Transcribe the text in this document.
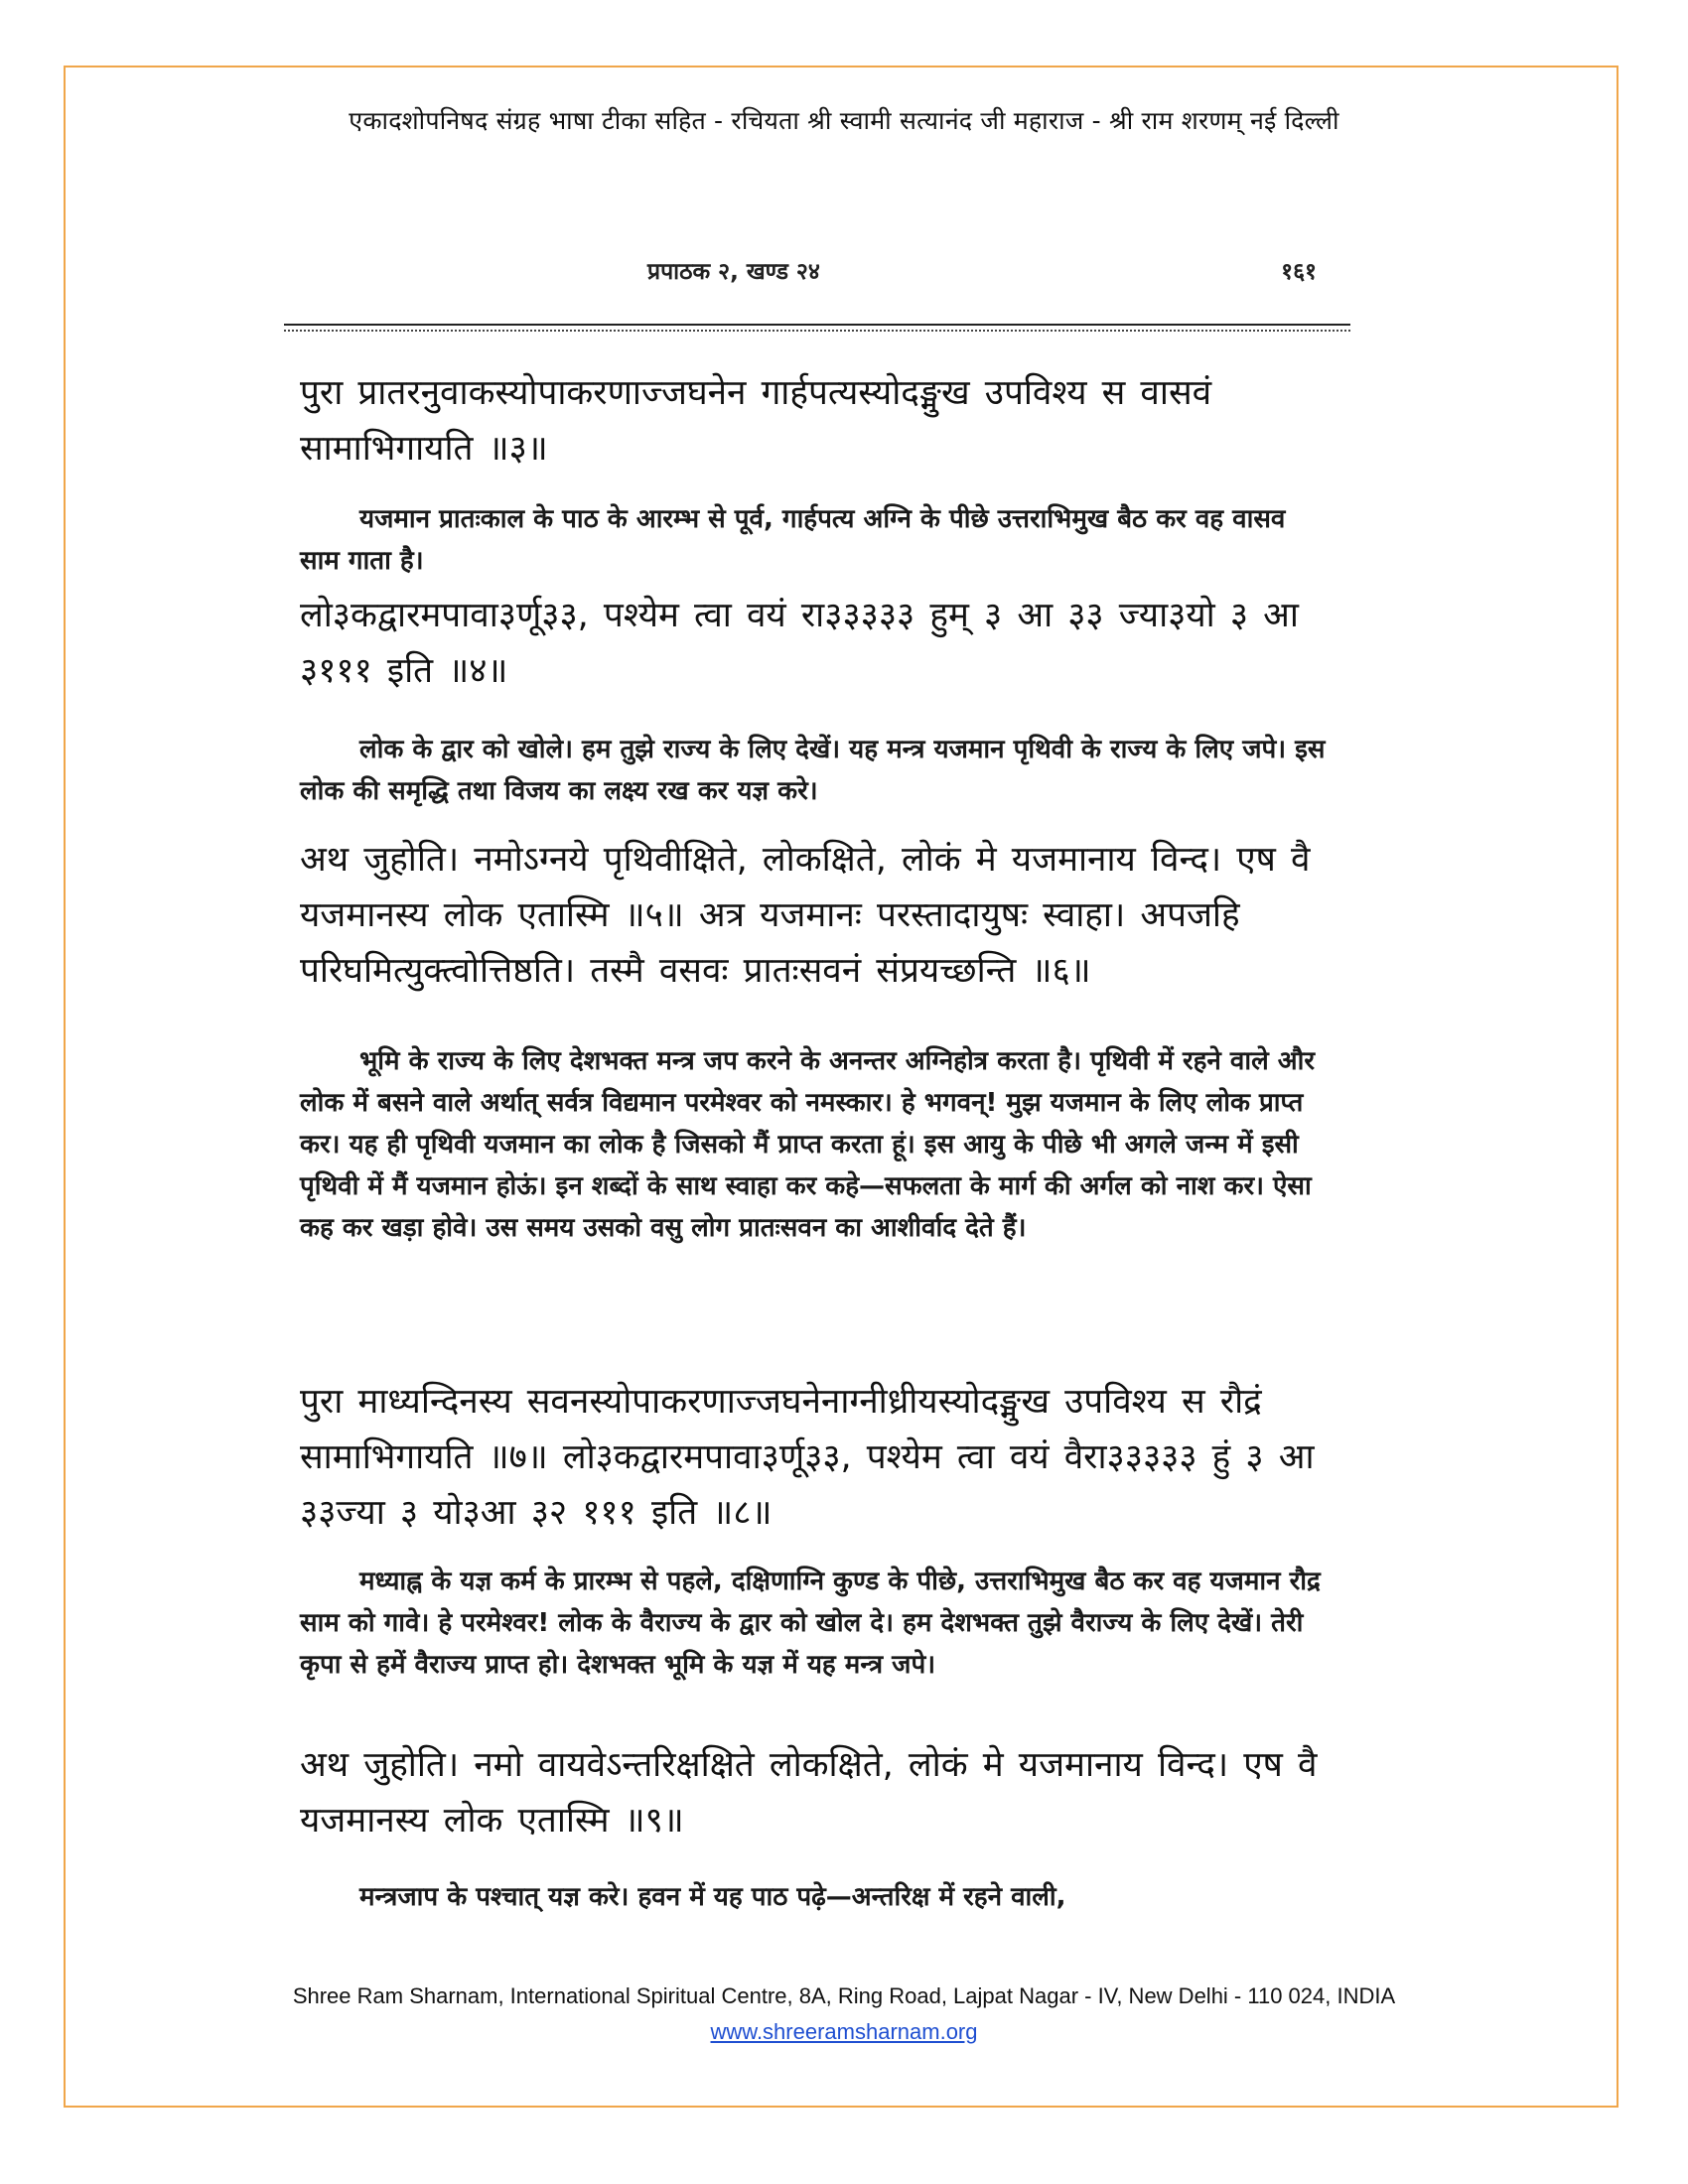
एकादशोपनिषद संग्रह भाषा टीका सहित - रचियता श्री स्वामी सत्यानंद जी महाराज - श्री राम शरणम् नई दिल्ली
प्रपाठक २, खण्ड २४	१६१
पुरा प्रातरनुवाकस्योपाकरणाज्जघनेन गार्हपत्यस्योदङ्मुख उपविश्य स वासवं सामाभिगायति ॥३॥
यजमान प्रातःकाल के पाठ के आरम्भ से पूर्व, गार्हपत्य अग्नि के पीछे उत्तराभिमुख बैठ कर वह वासव साम गाता है।
लो३कद्वारमपावा३र्णू३३, पश्येम त्वा वयं रा३३३३३ हुम् ३ आ ३३ ज्या३यो ३ आ ३१११ इति ॥४॥
लोक के द्वार को खोले। हम तुझे राज्य के लिए देखें। यह मन्त्र यजमान पृथिवी के राज्य के लिए जपे। इस लोक की समृद्धि तथा विजय का लक्ष्य रख कर यज्ञ करे।
अथ जुहोति। नमोऽग्नये पृथिवीक्षिते, लोकक्षिते, लोकं मे यजमानाय विन्द। एष वै यजमानस्य लोक एतास्मि ॥५॥ अत्र यजमानः परस्तादायुषः स्वाहा। अपजहि परिघमित्युक्त्वोत्तिष्ठति। तस्मै वसवः प्रातःसवनं संप्रयच्छन्ति ॥६॥
भूमि के राज्य के लिए देशभक्त मन्त्र जप करने के अनन्तर अग्निहोत्र करता है। पृथिवी में रहने वाले और लोक में बसने वाले अर्थात् सर्वत्र विद्यमान परमेश्वर को नमस्कार। हे भगवन्! मुझ यजमान के लिए लोक प्राप्त कर। यह ही पृथिवी यजमान का लोक है जिसको मैं प्राप्त करता हूं। इस आयु के पीछे भी अगले जन्म में इसी पृथिवी में मैं यजमान होऊं। इन शब्दों के साथ स्वाहा कर कहे—सफलता के मार्ग की अर्गल को नाश कर। ऐसा कह कर खड़ा होवे। उस समय उसको वसु लोग प्रातःसवन का आशीर्वाद देते हैं।
पुरा माध्यन्दिनस्य सवनस्योपाकरणाज्जघनेनाग्नीध्रीयस्योदङ्मुख उपविश्य स रौद्रं सामाभिगायति ॥७॥ लो३कद्वारमपावा३र्णू३३, पश्येम त्वा वयं वैरा३३३३३ हुं ३ आ ३३ज्या ३ यो३आ ३२ १११ इति ॥८॥
मध्याह्न के यज्ञ कर्म के प्रारम्भ से पहले, दक्षिणाग्नि कुण्ड के पीछे, उत्तराभिमुख बैठ कर वह यजमान रौद्र साम को गावे। हे परमेश्वर! लोक के वैराज्य के द्वार को खोल दे। हम देशभक्त तुझे वैराज्य के लिए देखें। तेरी कृपा से हमें वैराज्य प्राप्त हो। देशभक्त भूमि के यज्ञ में यह मन्त्र जपे।
अथ जुहोति। नमो वायवेऽन्तरिक्षक्षिते लोकक्षिते, लोकं मे यजमानाय विन्द। एष वै यजमानस्य लोक एतास्मि ॥९॥
मन्त्रजाप के पश्चात् यज्ञ करे। हवन में यह पाठ पढ़े—अन्तरिक्ष में रहने वाली,
Shree Ram Sharnam, International Spiritual Centre, 8A, Ring Road, Lajpat Nagar - IV, New Delhi - 110 024, INDIA
www.shreeramsharnam.org
